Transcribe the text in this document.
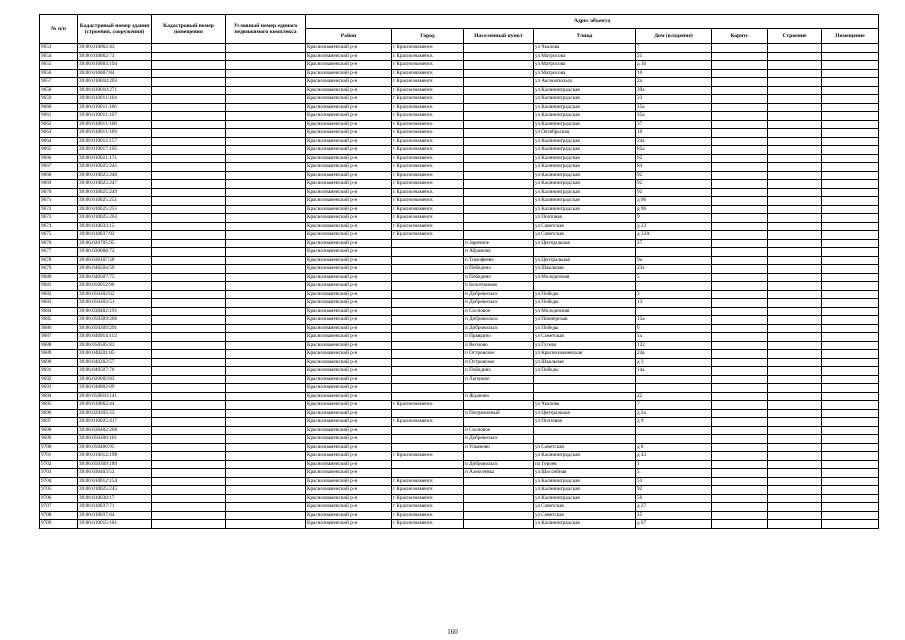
№ п/п	Кадастровый номер здания (строения, сооружения)	Кадастровый номер помещения	Условный номер единого недвижимого комплекса	Адрес объекта							
				Район	Город	Населенный пункт	Улица	Дом (владение)	Корпус	Строение	Помещение
9653	39:06:010062:43			Краснознаменский р-н	г Краснознаменск		ул Чкалова	7			
9654	39:06:010062:73			Краснознаменский р-н	г Краснознаменск		ул Матросова	21			
9655	39:06:010003:194			Краснознаменский р-н	г Краснознаменск		ул Матросова	д 16			
9656	39:06:010007:84			Краснознаменский р-н	г Краснознаменск		ул Матросова	10			
9657	39:06:010010:263			Краснознаменский р-н	г Краснознаменск		ул Аксенопольск	2а			
9658	39:06:010010:271			Краснознаменский р-н	г Краснознаменск		ул Калининградская	39а			
9659	39:06:010011:164			Краснознаменский р-н	г Краснознаменск		ул Калининградская	33			
9660	39:06:010011:166			Краснознаменский р-н	г Краснознаменск		ул Калининградская	35а			
9661	39:06:010011:167			Краснознаменский р-н	г Краснознаменск		ул Калининградская	35а			
9662	39:06:010011:168			Краснознаменский р-н	г Краснознаменск		ул Калининградская	37			
9663	39:06:010011:169			Краснознаменский р-н	г Краснознаменск		ул Октябрьская	10			
9664	39:06:010012:157			Краснознаменский р-н	г Краснознаменск		ул Калининградская	24а			
9665	39:06:010017:105			Краснознаменский р-н	г Краснознаменск		ул Калининградская	85а			
9666	39:06:010021:171			Краснознаменский р-н	г Краснознаменск		ул Калининградская	62			
9667	39:06:010025:245			Краснознаменский р-н	г Краснознаменск		ул Калининградская	84			
9668	39:06:010025:246			Краснознаменский р-н	г Краснознаменск		ул Калининградская	92			
9669	39:06:010025:247			Краснознаменский р-н	г Краснознаменск		ул Калининградская	92			
9670	39:06:010025:249			Краснознаменский р-н	г Краснознаменск		ул Калининградская	92			
9671	39:06:010025:251			Краснознаменский р-н	г Краснознаменск		ул Калининградская	д 96			
9672	39:06:010025:255			Краснознаменский р-н	г Краснознаменск		ул Калининградская	д 96			
9673	39:06:010025:263			Краснознаменский р-н	г Краснознаменск		ул Почтовая	9			
9674	39:06:010033:15			Краснознаменский р-н	г Краснознаменск		ул Советская	д 23			
9675	39:06:010037:92			Краснознаменский р-н	г Краснознаменск		ул Советская	д 33А			
9676	39:06:020705:95			Краснознаменский р-н		п Заречное	ул Центральная	37			
9677	39:06:030008:72			Краснознаменский р-н		п Абрамово					
9678	39:06:030107:58			Краснознаменский р-н		п Тимофеево	ул Центральная	9а			
9679	39:06:040504:59			Краснознаменский р-н		п Победино	ул Школьная	23а			
9680	39:06:040507:75			Краснознаменский р-н		п Победино	ул Молодежная	5			
9681	39:06:050012:96			Краснознаменский р-н		п Болотниково					
9682	39:06:050302:62			Краснознаменский р-н		п Добровольск	ул Победы	3			
9683	39:06:050303:51			Краснознаменский р-н		п Добровольск	ул Победы	13			
9684	39:06:030402:191			Краснознаменский р-н		п Сосновое	ул Молодежная				
9685	39:06:050309:266			Краснознаменский р-н		п Добровольск	ул Пионерская	15а			
9686	39:06:050309:291			Краснознаменский р-н		п Добровольск	ул Победы	6			
9687	39:06:040914:112			Краснознаменский р-н		п Правдино	ул Советская	1а			
9688	39:06:050505:83			Краснознаменский р-н		п Весново	ул Гусева	122			
9689	39:06:040201:85			Краснознаменский р-н		п Островское	ул Краснознаменская	24а			
9690	39:06:040202:57			Краснознаменский р-н		п Островское	ул Школьная	д 3			
9691	39:06:040507:76			Краснознаменский р-н		п Победино	ул Победы	14а			
9692	39:06:020003:83			Краснознаменский р-н		п Лагерное					
9693	39:06:040802:89			Краснознаменский р-н							
9694	39:06:050010:141			Краснознаменский р-н		п Жданово		22			
9695	39:06:010062:44			Краснознаменский р-н	г Краснознаменск		ул Чкалова	7			
9696	39:06:020205:53			Краснознаменский р-н		п Пограничный	ул Центральная	д 2а			
9697	39:06:010025:417			Краснознаменский р-н	г Краснознаменск		ул Почтовая	д 9			
9698	39:06:030402:268			Краснознаменский р-н		п Сосновое					
9699	39:06:050306:101			Краснознаменский р-н		п Добровольск					
9700	39:06:050406:95			Краснознаменский р-н		п Ульяново	ул Советская	д 8			
9701	39:06:010012:198			Краснознаменский р-н	г Краснознаменск		ул Калининградская	д 43			
9702	39:06:050309:189			Краснознаменский р-н		п Добровольск	пл Героев	1			
9703	39:06:030403:52			Краснознаменский р-н		п Алексеевка	ул Шоссейная	5			
9704	39:06:010012:154			Краснознаменский р-н	г Краснознаменск		ул Калининградская	53			
9705	39:06:010025:245			Краснознаменский р-н	г Краснознаменск		ул Калининградская	92			
9706	39:06:010038:17			Краснознаменский р-н	г Краснознаменск		ул Калининградская	56			
9707	39:06:010037:71			Краснознаменский р-н	г Краснознаменск		ул Советская	д 27			
9708	39:06:010037:84			Краснознаменский р-н	г Краснознаменск		ул Советская	35			
9709	39:06:010015:181			Краснознаменский р-н	г Краснознаменск		ул Калининградская	д 67			
160
